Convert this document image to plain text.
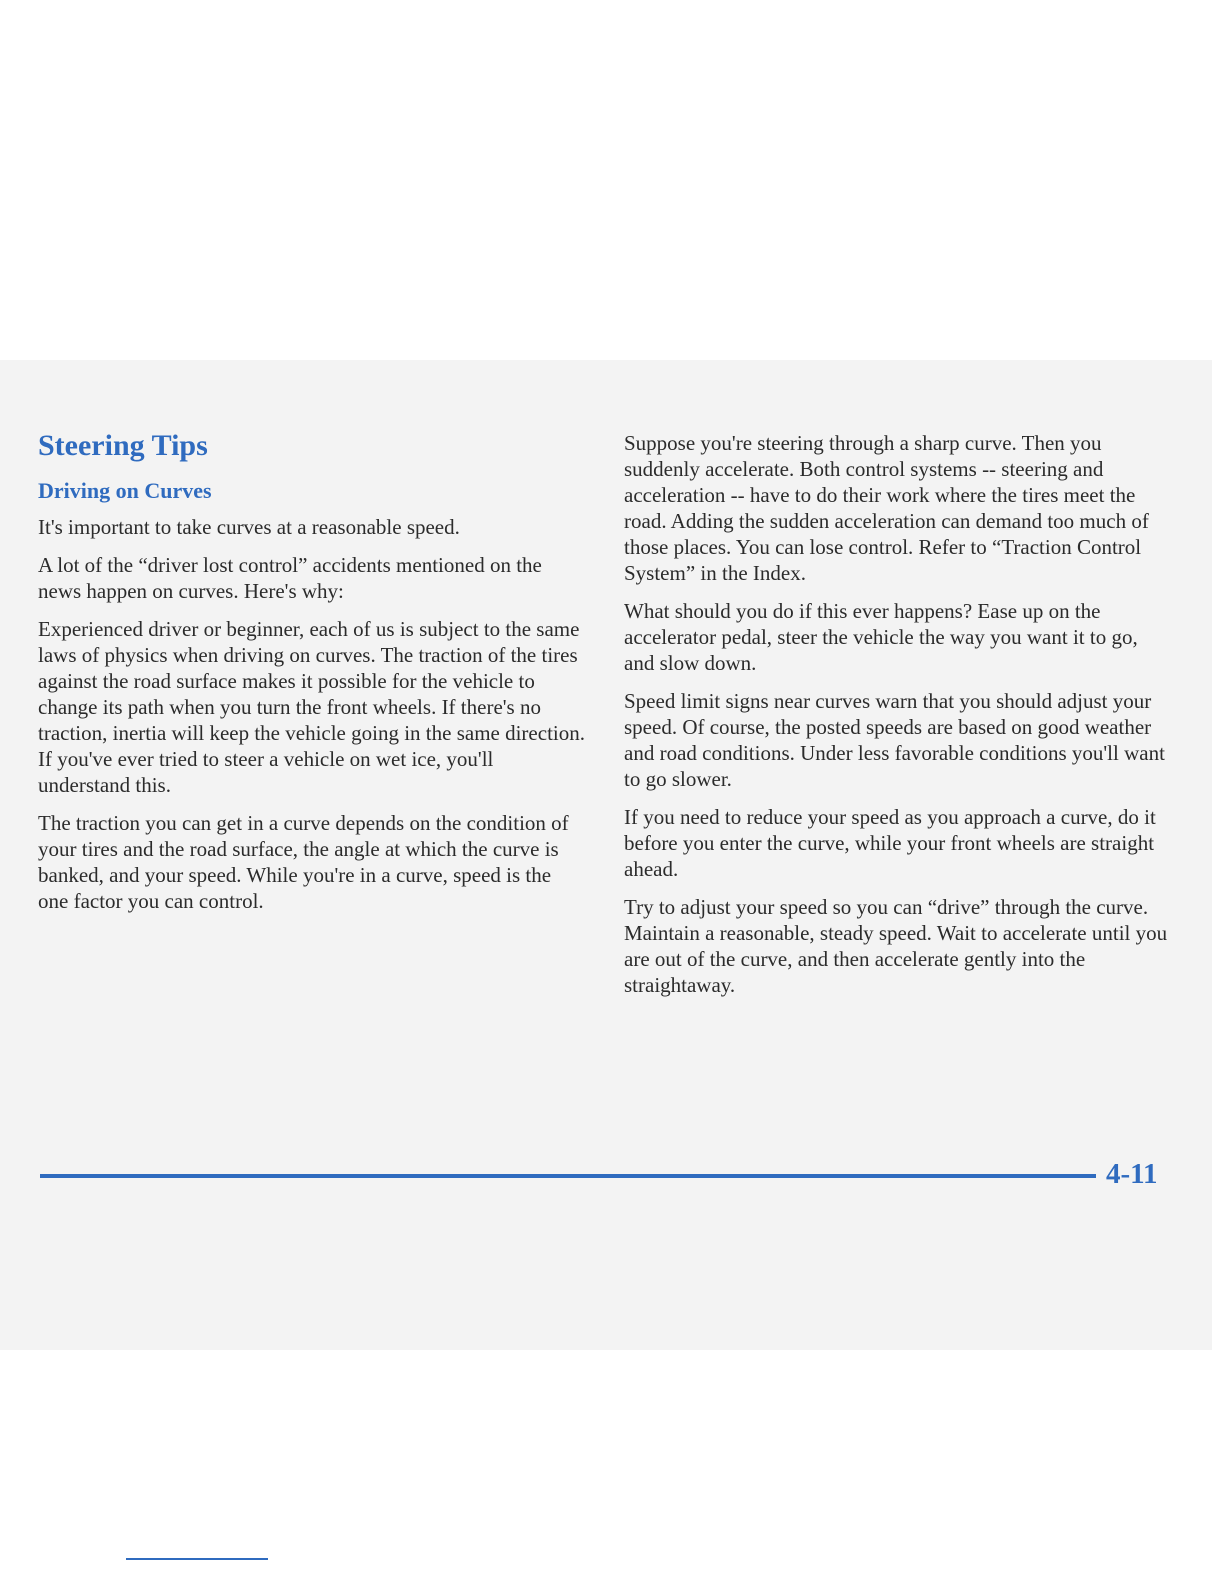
Steering Tips
Driving on Curves

It's important to take curves at a reasonable speed.

A lot of the “driver lost control” accidents mentioned on the news happen on curves. Here's why:

Experienced driver or beginner, each of us is subject to the same laws of physics when driving on curves. The traction of the tires against the road surface makes it possible for the vehicle to change its path when you turn the front wheels. If there's no traction, inertia will keep the vehicle going in the same direction. If you've ever tried to steer a vehicle on wet ice, you'll understand this.

The traction you can get in a curve depends on the condition of your tires and the road surface, the angle at which the curve is banked, and your speed. While you're in a curve, speed is the one factor you can control.

Suppose you're steering through a sharp curve. Then you suddenly accelerate. Both control systems -- steering and acceleration -- have to do their work where the tires meet the road. Adding the sudden acceleration can demand too much of those places. You can lose control. Refer to “Traction Control System” in the Index.

What should you do if this ever happens? Ease up on the accelerator pedal, steer the vehicle the way you want it to go, and slow down.

Speed limit signs near curves warn that you should adjust your speed. Of course, the posted speeds are based on good weather and road conditions. Under less favorable conditions you'll want to go slower.

If you need to reduce your speed as you approach a curve, do it before you enter the curve, while your front wheels are straight ahead.

Try to adjust your speed so you can “drive” through the curve. Maintain a reasonable, steady speed. Wait to accelerate until you are out of the curve, and then accelerate gently into the straightaway.

4-11
